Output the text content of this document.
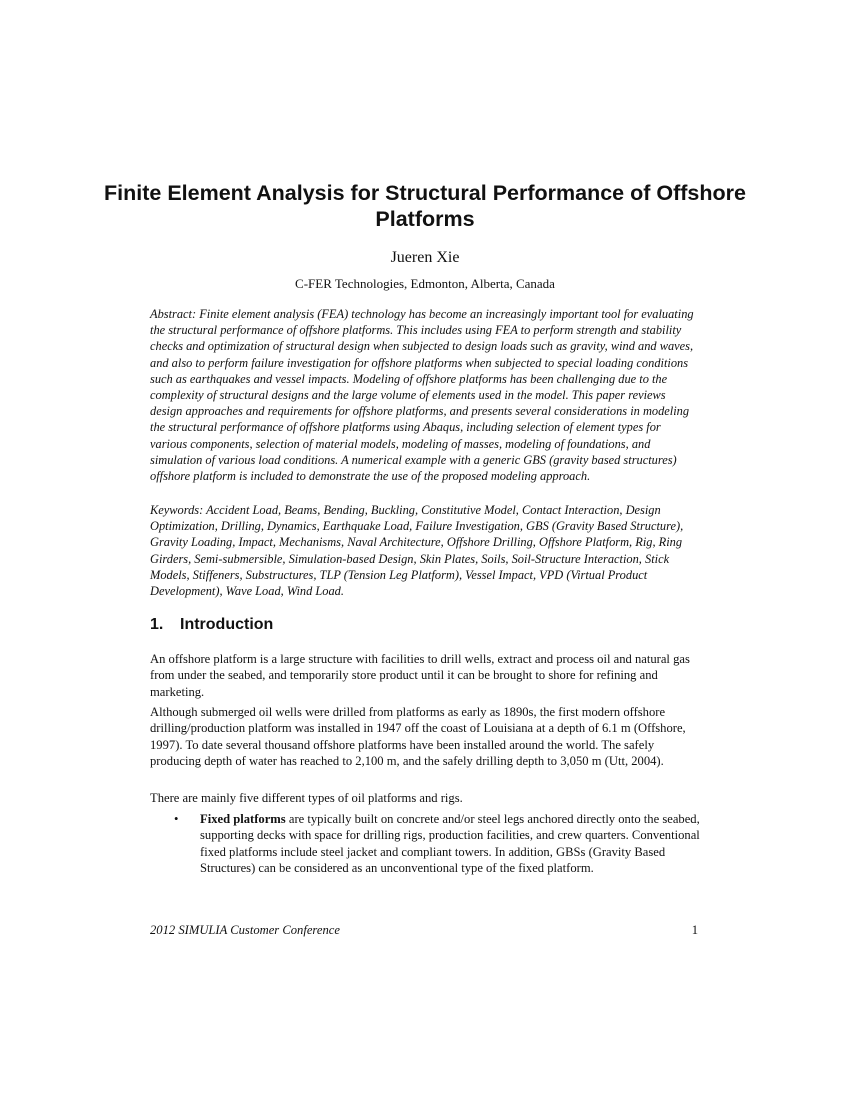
Finite Element Analysis for Structural Performance of Offshore Platforms
Jueren Xie
C-FER Technologies, Edmonton, Alberta, Canada

Abstract: Finite element analysis (FEA) technology has become an increasingly important tool for evaluating the structural performance of offshore platforms. This includes using FEA to perform strength and stability checks and optimization of structural design when subjected to design loads such as gravity, wind and waves, and also to perform failure investigation for offshore platforms when subjected to special loading conditions such as earthquakes and vessel impacts. Modeling of offshore platforms has been challenging due to the complexity of structural designs and the large volume of elements used in the model. This paper reviews design approaches and requirements for offshore platforms, and presents several considerations in modeling the structural performance of offshore platforms using Abaqus, including selection of element types for various components, selection of material models, modeling of masses, modeling of foundations, and simulation of various load conditions. A numerical example with a generic GBS (gravity based structures) offshore platform is included to demonstrate the use of the proposed modeling approach.

Keywords: Accident Load, Beams, Bending, Buckling, Constitutive Model, Contact Interaction, Design Optimization, Drilling, Dynamics, Earthquake Load, Failure Investigation, GBS (Gravity Based Structure), Gravity Loading, Impact, Mechanisms, Naval Architecture, Offshore Drilling, Offshore Platform, Rig, Ring Girders, Semi-submersible, Simulation-based Design, Skin Plates, Soils, Soil-Structure Interaction, Stick Models, Stiffeners, Substructures, TLP (Tension Leg Platform), Vessel Impact, VPD (Virtual Product Development), Wave Load, Wind Load.

1. Introduction

An offshore platform is a large structure with facilities to drill wells, extract and process oil and natural gas from under the seabed, and temporarily store product until it can be brought to shore for refining and marketing.

Although submerged oil wells were drilled from platforms as early as 1890s, the first modern offshore drilling/production platform was installed in 1947 off the coast of Louisiana at a depth of 6.1 m (Offshore, 1997). To date several thousand offshore platforms have been installed around the world. The safely producing depth of water has reached to 2,100 m, and the safely drilling depth to 3,050 m (Utt, 2004).

There are mainly five different types of oil platforms and rigs.

• Fixed platforms are typically built on concrete and/or steel legs anchored directly onto the seabed, supporting decks with space for drilling rigs, production facilities, and crew quarters. Conventional fixed platforms include steel jacket and compliant towers. In addition, GBSs (Gravity Based Structures) can be considered as an unconventional type of the fixed platform.
2012 SIMULIA Customer Conference	1
